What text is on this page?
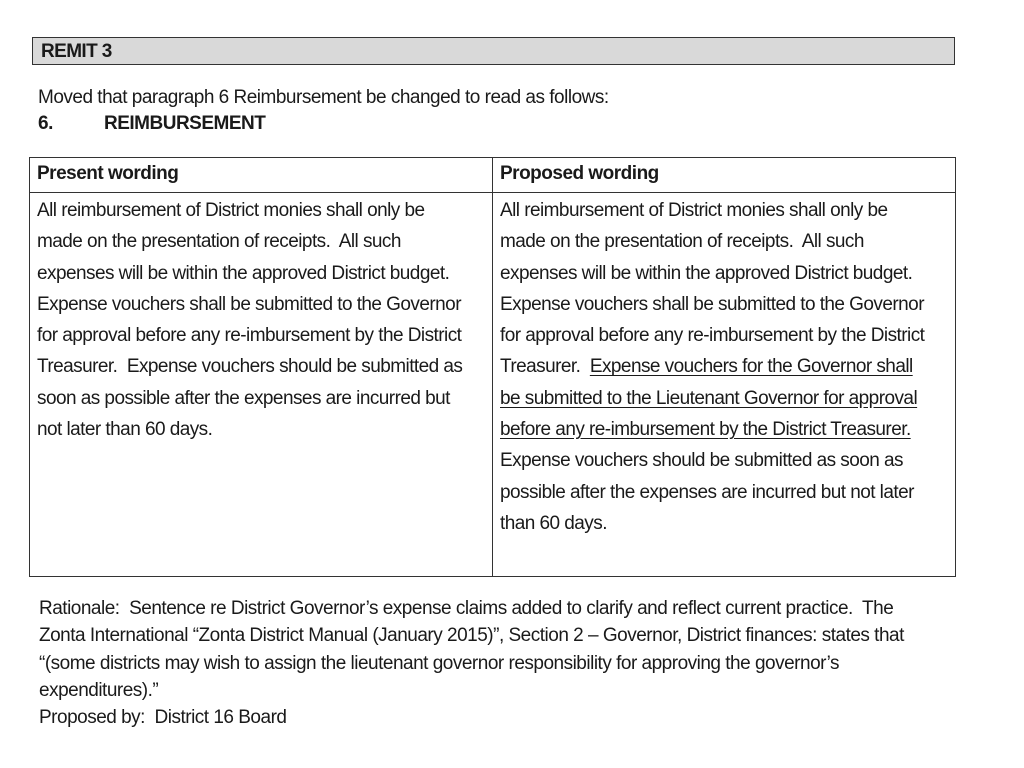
REMIT 3
Moved that paragraph 6 Reimbursement be changed to read as follows:
6.	REIMBURSEMENT
Present wording	Proposed wording
All reimbursement of District monies shall only be
made on the presentation of receipts.  All such
expenses will be within the approved District budget.
Expense vouchers shall be submitted to the Governor
for approval before any re-imbursement by the District
Treasurer.  Expense vouchers should be submitted as
soon as possible after the expenses are incurred but
not later than 60 days.
All reimbursement of District monies shall only be
made on the presentation of receipts.  All such
expenses will be within the approved District budget.
Expense vouchers shall be submitted to the Governor
for approval before any re-imbursement by the District
Treasurer.  Expense vouchers for the Governor shall
be submitted to the Lieutenant Governor for approval
before any re-imbursement by the District Treasurer.
Expense vouchers should be submitted as soon as
possible after the expenses are incurred but not later
than 60 days.
Rationale:  Sentence re District Governor’s expense claims added to clarify and reflect current practice.  The
Zonta International “Zonta District Manual (January 2015)”, Section 2 – Governor, District finances: states that
“(some districts may wish to assign the lieutenant governor responsibility for approving the governor’s
expenditures).”
Proposed by:  District 16 Board
